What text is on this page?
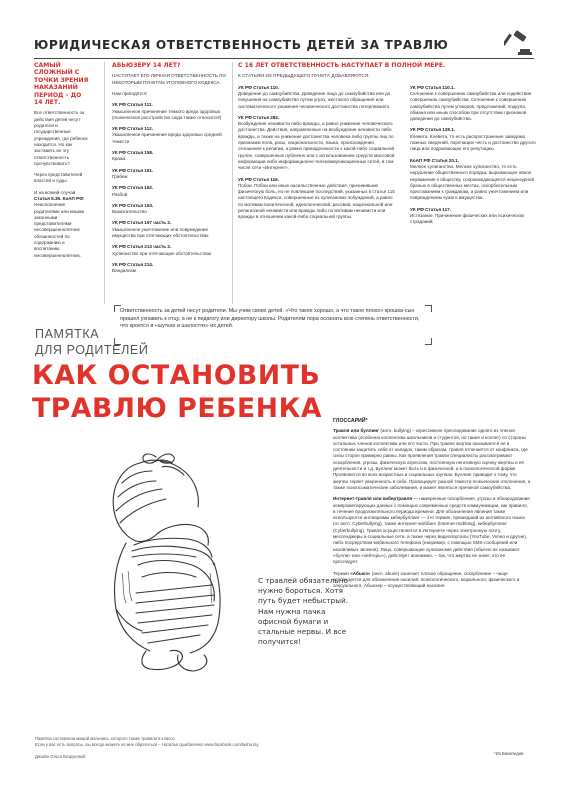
ЮРИДИЧЕСКАЯ ОТВЕТСТВЕННОСТЬ ДЕТЕЙ ЗА ТРАВЛЮ
САМЫЙ СЛОЖНЫЙ С ТОЧКИ ЗРЕНИЯ НАКАЗАНИЙ ПЕРИОД – ДО 14 ЛЕТ.
Все ответственность за действия детей несут родители и государственные учреждения, где ребенок находится. Но как заставить их эту ответственность прочувствовать?
Через представителей властей и суды.
И на всякий случай Статья 5.35. КоАП РФ: Неисполнение родителями или иными законными представителями несовершеннолетних обязанностей по содержанию и воспитанию несовершеннолетних.
АБЬЮЗЕРУ 14 ЛЕТ?
НАСТУПАЕТ ЕГО ЛИЧНАЯ ОТВЕТСТВЕННОСТЬ ПО НЕКОТОРЫМ ПУНКТАМ УГОЛОВНОГО КОДЕКСА.
Нам пригодятся:
УК РФ Статья 111.
Умышленное причинение тяжкого вреда здоровью (психическое расстройство сюда также относится!)
УК РФ Статья 112.
Умышленное причинение вреда здоровью средней тяжести
УК РФ Статья 158.
Кража
УК РФ Статья 161.
Грабеж
УК РФ Статья 162.
Разбой
УК РФ Статья 163.
Вымогательство
УК РФ Статья 167 часть 2.
Умышленное уничтожение или повреждение имущества при отягчающих обстоятельствах
УК РФ Статья 213 часть 2.
Хулиганство при отягчающих обстоятельствах
УК РФ Статья 214.
Вандализм
С 16 ЛЕТ ОТВЕТСТВЕННОСТЬ НАСТУПАЕТ В ПОЛНОЙ МЕРЕ.
К СТАТЬЯМ ИЗ ПРЕДЫДУЩЕГО ПУНКТА ДОБАВЛЯЮТСЯ:
УК РФ Статья 110.
Доведение до самоубийства. Доведение лица до самоубийства или до покушения на самоубийство путем угроз, жестокого обращения или систематического унижения человеческого достоинства потерпевшего.
УК РФ Статья 282.
Возбуждение ненависти либо вражды, а равно унижение человеческого достоинства. Действия, направленные на возбуждение ненависти либо вражды, а также на унижение достоинства человека либо группы лиц по признакам пола, расы, национальности, языка, происхождения, отношения к религии, а равно принадлежности к какой-либо социальной группе, совершенные публично или с использованием средств массовой информации либо информационно-телекоммуникационных сетей, в том числе сети «Интернет».
УК РФ Статья 116.
Побои. Побои или иные насильственные действия, причинившие физическую боль, но не повлекшие последствий, указанных в статье 115 настоящего Кодекса, совершенные из хулиганских побуждений, а равно по мотивам политической, идеологической, расовой, национальной или религиозной ненависти или вражды либо по мотивам ненависти или вражды в отношении какой-либо социальной группы.
УК РФ Статья 110.1.
Склонение к совершению самоубийства или содействие совершению самоубийства. Склонение к совершению самоубийства путем уговоров, предложений, подкупа, обмана или иным способом при отсутствии признаков доведения до самоубийства.
УК РФ Статья 128.1.
Клевета. Клевета, то есть распространение заведомо ложных сведений, порочащих честь и достоинство другого лица или подрывающих его репутацию.
КоАП РФ Статья 20.1.
Мелкое хулиганство. Мелкое хулиганство, то есть нарушение общественного порядка, выражающее явное неуважение к обществу, сопровождающееся нецензурной бранью в общественных местах, оскорбительным приставанием к гражданам, а равно уничтожением или повреждением чужого имущества.
УК РФ Статья 117.
Истязание. Причинение физических или психических страданий.
Ответственность за детей несут родители. Мы учим своих детей. «Что такое хорошо, а что такое плохо» крошка-сын пришел узнавать к отцу, а не к педагогу или директору школы. Родителям пора осознать всю степень ответственности, что кроется в «шутках и шалостях» их детей.
ПАМЯТКА
ДЛЯ РОДИТЕЛЕЙ
КАК ОСТАНОВИТЬ
ТРАВЛЮ РЕБЕНКА
С травлей обязательно нужно бороться. Хотя путь будет небыстрый. Нам нужна пачка офисной бумаги и стальные нервы. И все получится!
ГЛОССАРИЙ*

Травля или буллинг (англ. bullying) – агрессивное преследование одного из членов коллектива (особенно коллектива школьников и студентов, но также и коллег) со стороны остальных членов коллектива или его части. При травле жертва оказывается не в состоянии защитить себя от нападок, таким образом, травля отличается от конфликта, где силы сторон примерно равны. Как проявления травли специалисты рассматривают оскорбления, угрозы, физическую агрессию, постоянную негативную оценку жертвы и её деятельности и т.д. Буллинг может быть и в физической, и в психологической форме. Проявляется во всех возрастных и социальных группах. Буллинг приводит к тому, что жертва теряет уверенность в себе. Провоцирует разной тяжести психические отклонения, а также психосоматические заболевания, и может являться причиной самоубийства.

Интернет-травля или кибертравля — намеренные оскорбления, угрозы и обнародование компрометирующих данных с помощью современных средств коммуникации, как правило, в течение продолжительного периода времени. Для обозначения явления также используются англицизмы кибербуллинг — это термин, пришедший из английского языка (от англ. Cyberbullying), также интернет-моббинг (Internet-mobbing), кибербуллинг (Cyberbullying). Травля осуществляется в Интернете через электронную почту, мессенджеры и социальные сети, а также через видеопорталы (YouTube, Vimeo и другие), либо посредством мобильного телефона (например, с помощью SMS-сообщений или назойливых звонков). Лицо, совершающее хулиганские действия (обычно их называют «булли» или «хейтеры»), действует анонимно, – так, что жертва не знает, кто ее преследует.

Термин «Абьюз» (англ. abuse) означает плохое обращение, оскорбление – чаще используется для обозначения насилия: психологического, морального, физического и сексуального. Абьюзер – осуществляющий насилие.

*Из Википедии
Памятка составлена мамой мальчика, которого также травили в классе.
Если у вас есть вопросы, вы всегда можете ко мне обратиться – Наталья Цыкбаленко www.facebook.com/tasha.tsy.
Дизайн Ольги Безруковой
